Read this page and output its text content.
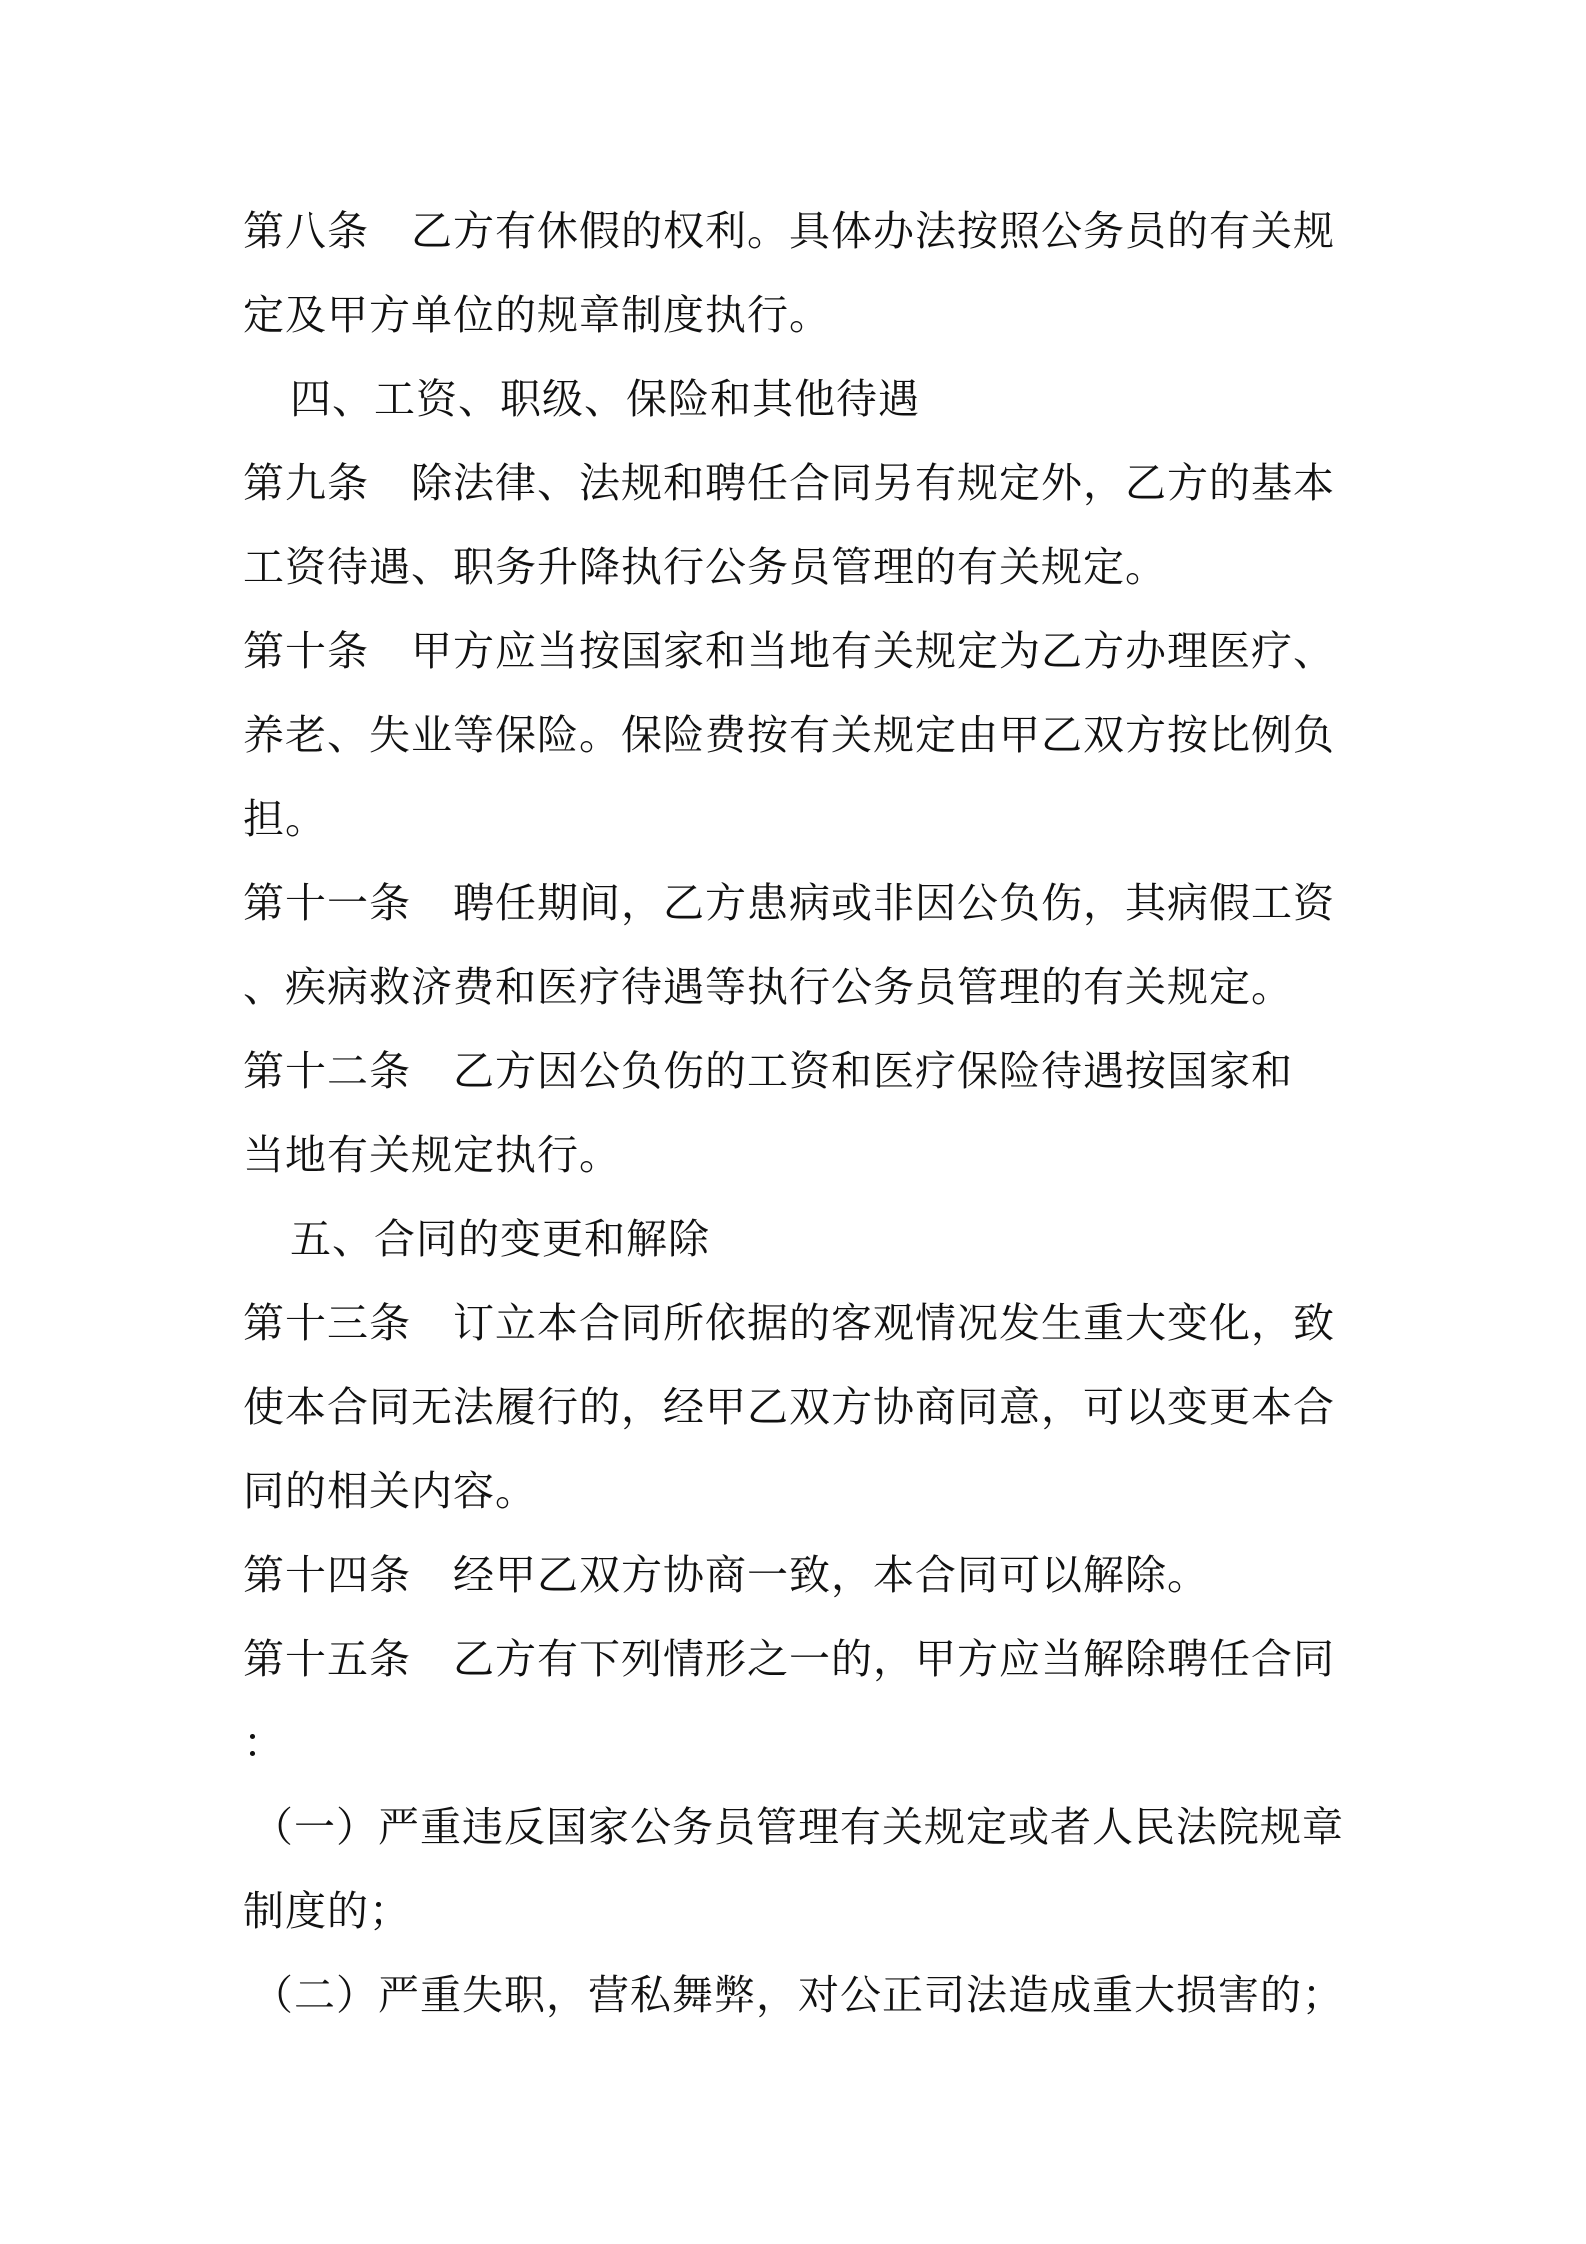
第八条　乙方有休假的权利。具体办法按照公务员的有关规
定及甲方单位的规章制度执行。
四、工资、职级、保险和其他待遇
第九条　除法律、法规和聘任合同另有规定外，乙方的基本
工资待遇、职务升降执行公务员管理的有关规定。
第十条　甲方应当按国家和当地有关规定为乙方办理医疗、
养老、失业等保险。保险费按有关规定由甲乙双方按比例负
担。
第十一条　聘任期间，乙方患病或非因公负伤，其病假工资
、疾病救济费和医疗待遇等执行公务员管理的有关规定。
第十二条　乙方因公负伤的工资和医疗保险待遇按国家和
当地有关规定执行。
五、合同的变更和解除
第十三条　订立本合同所依据的客观情况发生重大变化，致
使本合同无法履行的，经甲乙双方协商同意，可以变更本合
同的相关内容。
第十四条　经甲乙双方协商一致，本合同可以解除。
第十五条　乙方有下列情形之一的，甲方应当解除聘任合同
：
（一）严重违反国家公务员管理有关规定或者人民法院规章
制度的；
（二）严重失职，营私舞弊，对公正司法造成重大损害的；
